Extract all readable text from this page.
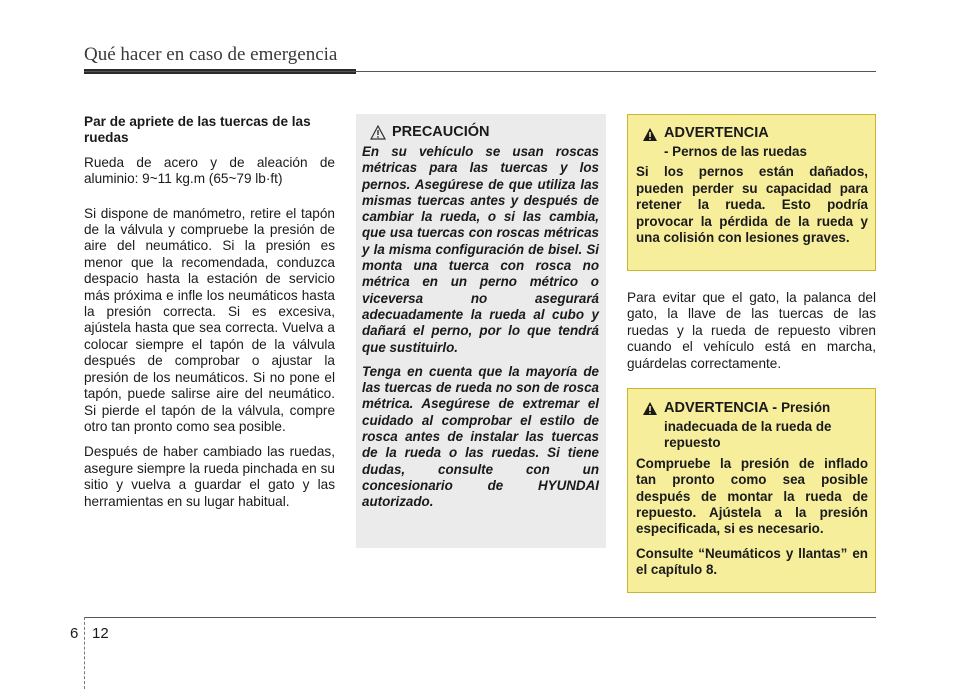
Qué hacer en caso de emergencia

Par de apriete de las tuercas de las ruedas

Rueda de acero y de aleación de aluminio: 9~11 kg.m (65~79 lb·ft)

Si dispone de manómetro, retire el tapón de la válvula y compruebe la presión de aire del neumático. Si la presión es menor que la recomendada, conduzca despacio hasta la estación de servicio más próxima e infle los neumáticos hasta la presión correcta. Si es excesiva, ajústela hasta que sea correcta. Vuelva a colocar siempre el tapón de la válvula después de comprobar o ajustar la presión de los neumáticos. Si no pone el tapón, puede salirse aire del neumático. Si pierde el tapón de la válvula, compre otro tan pronto como sea posible.

Después de haber cambiado las ruedas, asegure siempre la rueda pinchada en su sitio y vuelva a guardar el gato y las herramientas en su lugar habitual.

PRECAUCIÓN

En su vehículo se usan roscas métricas para las tuercas y los pernos. Asegúrese de que utiliza las mismas tuercas antes y después de cambiar la rueda, o si las cambia, que usa tuercas con roscas métricas y la misma configuración de bisel. Si monta una tuerca con rosca no métrica en un perno métrico o viceversa no asegurará adecuadamente la rueda al cubo y dañará el perno, por lo que tendrá que sustituirlo.

Tenga en cuenta que la mayoría de las tuercas de rueda no son de rosca métrica. Asegúrese de extremar el cuidado al comprobar el estilo de rosca antes de instalar las tuercas de la rueda o las ruedas. Si tiene dudas, consulte con un concesionario de HYUNDAI autorizado.

ADVERTENCIA
- Pernos de las ruedas

Si los pernos están dañados, pueden perder su capacidad para retener la rueda. Esto podría provocar la pérdida de la rueda y una colisión con lesiones graves.

Para evitar que el gato, la palanca del gato, la llave de las tuercas de las ruedas y la rueda de repuesto vibren cuando el vehículo está en marcha, guárdelas correctamente.

ADVERTENCIA - Presión
inadecuada de la rueda de repuesto

Compruebe la presión de inflado tan pronto como sea posible después de montar la rueda de repuesto. Ajústela a la presión especificada, si es necesario.

Consulte “Neumáticos y llantas” en el capítulo 8.

6 12
